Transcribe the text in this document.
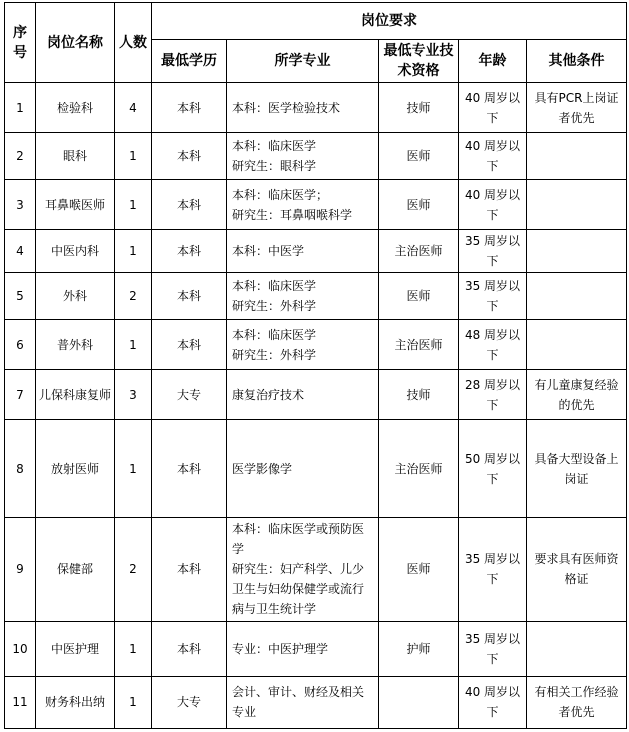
序号	岗位名称	人数	岗位要求				
			最低学历	所学专业	最低专业技术资格	年龄	其他条件
1	检验科	4	本科	本科：医学检验技术	技师	40 周岁以下	具有PCR上岗证者优先
2	眼科	1	本科	本科：临床医学
研究生：眼科学	医师	40 周岁以下	
3	耳鼻喉医师	1	本科	本科：临床医学；
研究生：耳鼻咽喉科学	医师	40 周岁以下	
4	中医内科	1	本科	本科：中医学	主治医师	35 周岁以下	
5	外科	2	本科	本科：临床医学
研究生：外科学	医师	35 周岁以下	
6	普外科	1	本科	本科：临床医学
研究生：外科学	主治医师	48 周岁以下	
7	儿保科康复师	3	大专	康复治疗技术	技师	28 周岁以下	有儿童康复经验的优先
8	放射医师	1	本科	医学影像学	主治医师	50 周岁以下	具备大型设备上岗证
9	保健部	2	本科	本科：临床医学或预防医学
研究生：妇产科学、儿少卫生与妇幼保健学或流行病与卫生统计学	医师	35 周岁以下	要求具有医师资格证
10	中医护理	1	本科	专业：中医护理学	护师	35 周岁以下	
11	财务科出纳	1	大专	会计、审计、财经及相关专业		40 周岁以下	有相关工作经验者优先
